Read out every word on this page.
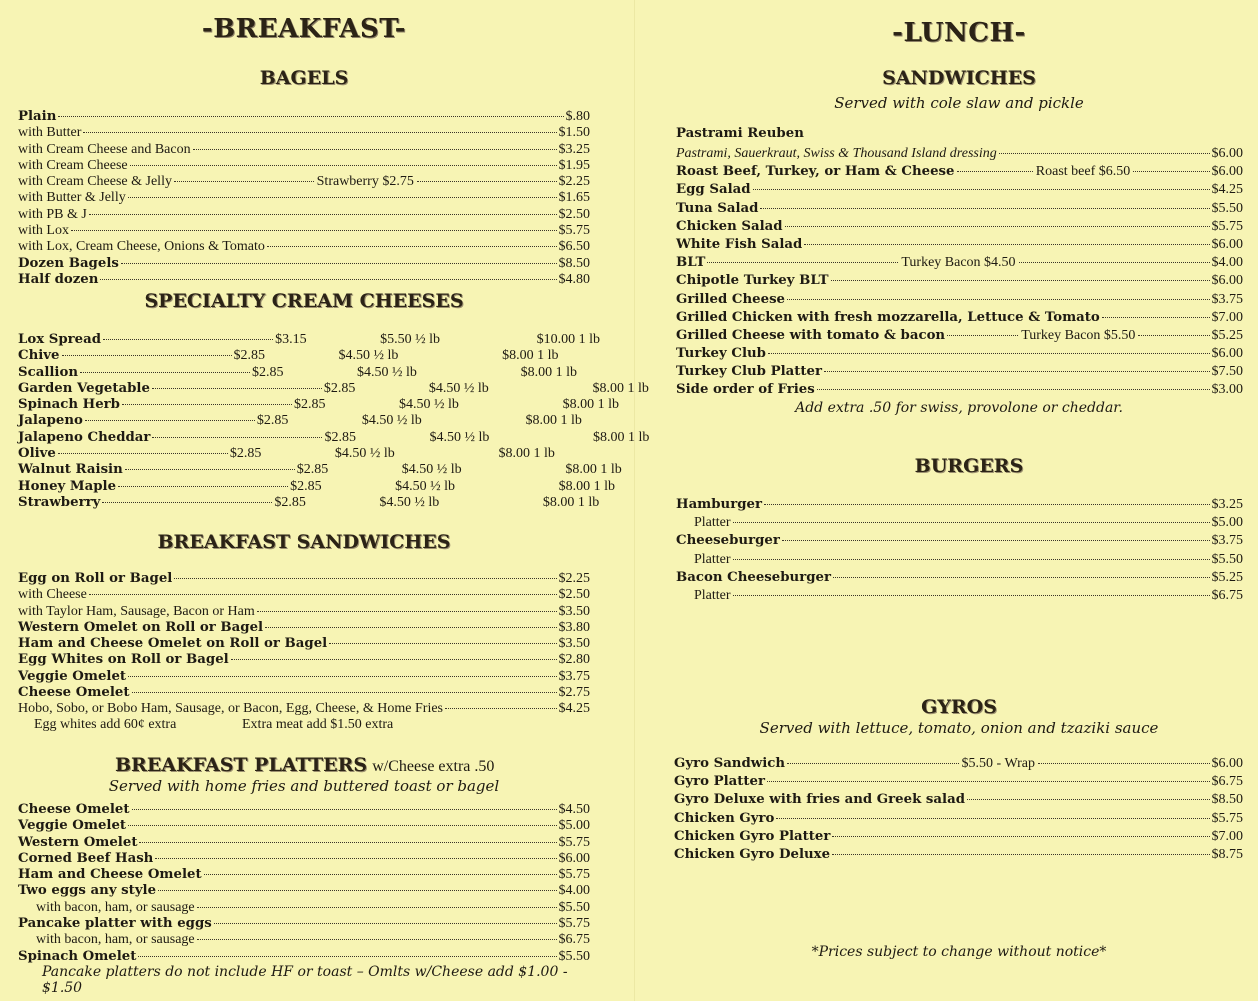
-BREAKFAST-
BAGELS
Plain	$.80
with Butter	$1.50
with Cream Cheese and Bacon	$3.25
with Cream Cheese	$1.95
with Cream Cheese & Jelly	Strawberry $2.75	$2.25
with Butter & Jelly	$1.65
with PB & J	$2.50
with Lox	$5.75
with Lox, Cream Cheese, Onions & Tomato	$6.50
Dozen Bagels	$8.50
Half dozen	$4.80
SPECIALTY CREAM CHEESES
Lox Spread	$3.15	$5.50 ½ lb	$10.00 1 lb
Chive	$2.85	$4.50 ½ lb	$8.00 1 lb
Scallion	$2.85	$4.50 ½ lb	$8.00 1 lb
Garden Vegetable	$2.85	$4.50 ½ lb	$8.00 1 lb
Spinach Herb	$2.85	$4.50 ½ lb	$8.00 1 lb
Jalapeno	$2.85	$4.50 ½ lb	$8.00 1 lb
Jalapeno Cheddar	$2.85	$4.50 ½ lb	$8.00 1 lb
Olive	$2.85	$4.50 ½ lb	$8.00 1 lb
Walnut Raisin	$2.85	$4.50 ½ lb	$8.00 1 lb
Honey Maple	$2.85	$4.50 ½ lb	$8.00 1 lb
Strawberry	$2.85	$4.50 ½ lb	$8.00 1 lb
BREAKFAST SANDWICHES
Egg on Roll or Bagel	$2.25
with Cheese	$2.50
with Taylor Ham, Sausage, Bacon or Ham	$3.50
Western Omelet on Roll or Bagel	$3.80
Ham and Cheese Omelet on Roll or Bagel	$3.50
Egg Whites on Roll or Bagel	$2.80
Veggie Omelet	$3.75
Cheese Omelet	$2.75
Hobo, Sobo, or Bobo Ham, Sausage, or Bacon, Egg, Cheese, & Home Fries	$4.25
Egg whites add 60¢ extra	Extra meat add $1.50 extra
BREAKFAST PLATTERS w/Cheese extra .50
Served with home fries and buttered toast or bagel
Cheese Omelet	$4.50
Veggie Omelet	$5.00
Western Omelet	$5.75
Corned Beef Hash	$6.00
Ham and Cheese Omelet	$5.75
Two eggs any style	$4.00
with bacon, ham, or sausage	$5.50
Pancake platter with eggs	$5.75
with bacon, ham, or sausage	$6.75
Spinach Omelet	$5.50
Pancake platters do not include HF or toast – Omlts w/Cheese add $1.00 - $1.50
-LUNCH-
SANDWICHES
Served with cole slaw and pickle
Pastrami Reuben
Pastrami, Sauerkraut, Swiss & Thousand Island dressing	$6.00
Roast Beef, Turkey, or Ham & Cheese	Roast beef $6.50	$6.00
Egg Salad	$4.25
Tuna Salad	$5.50
Chicken Salad	$5.75
White Fish Salad	$6.00
BLT	Turkey Bacon $4.50	$4.00
Chipotle Turkey BLT	$6.00
Grilled Cheese	$3.75
Grilled Chicken with fresh mozzarella, Lettuce & Tomato	$7.00
Grilled Cheese with tomato & bacon	Turkey Bacon $5.50	$5.25
Turkey Club	$6.00
Turkey Club Platter	$7.50
Side order of Fries	$3.00
Add extra .50 for swiss, provolone or cheddar.
BURGERS
Hamburger	$3.25
Platter	$5.00
Cheeseburger	$3.75
Platter	$5.50
Bacon Cheeseburger	$5.25
Platter	$6.75
GYROS
Served with lettuce, tomato, onion and tzaziki sauce
Gyro Sandwich	$5.50 - Wrap	$6.00
Gyro Platter	$6.75
Gyro Deluxe with fries and Greek salad	$8.50
Chicken Gyro	$5.75
Chicken Gyro Platter	$7.00
Chicken Gyro Deluxe	$8.75
*Prices subject to change without notice*
